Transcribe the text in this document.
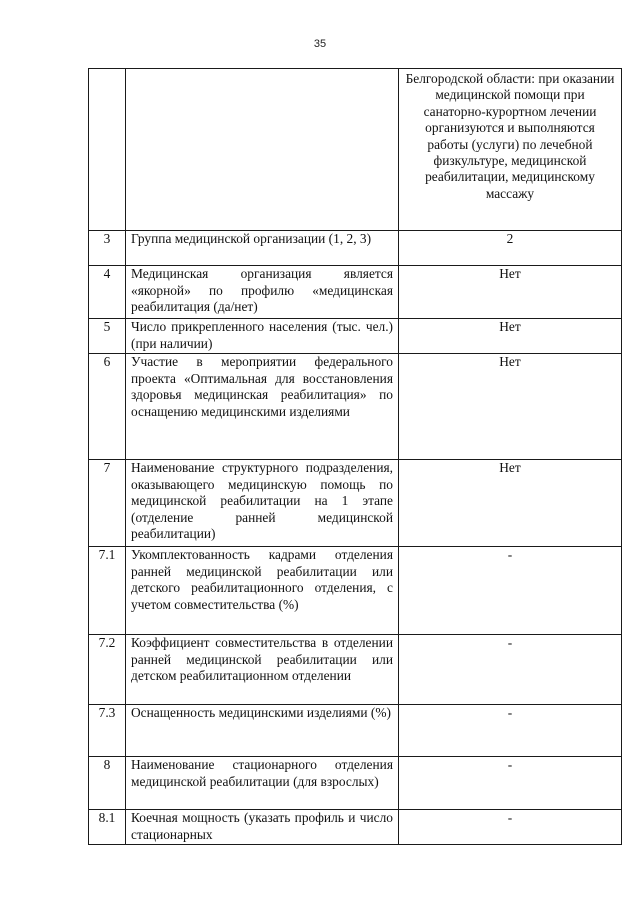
35

		Белгородской области: при оказании медицинской помощи при санаторно-курортном лечении организуются и выполняются работы (услуги) по лечебной физкультуре, медицинской реабилитации, медицинскому массажу

3	Группа медицинской организации (1, 2, 3)	2
4	Медицинская организация является «якорной» по профилю «медицинская реабилитация (да/нет)	Нет
5	Число прикрепленного населения (тыс. чел.) (при наличии)	Нет
6	Участие в мероприятии федерального проекта «Оптимальная для восстановления здоровья медицинская реабилитация» по оснащению медицинскими изделиями	Нет
7	Наименование структурного подразделения, оказывающего медицинскую помощь по медицинской реабилитации на 1 этапе (отделение ранней медицинской реабилитации)	Нет
7.1	Укомплектованность кадрами отделения ранней медицинской реабилитации или детского реабилитационного отделения, с учетом совместительства (%)	-
7.2	Коэффициент совместительства в отделении ранней медицинской реабилитации или детском реабилитационном отделении	-
7.3	Оснащенность медицинскими изделиями (%)	-
8	Наименование стационарного отделения медицинской реабилитации (для взрослых)	-
8.1	Коечная мощность (указать профиль и число стационарных	-
